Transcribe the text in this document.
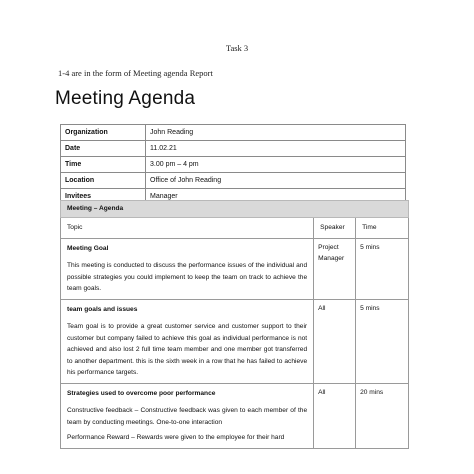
Task 3
1-4 are in the form of Meeting agenda Report
Meeting Agenda
Organization	John Reading
Date	11.02.21
Time	3.00 pm – 4 pm
Location	Office of John Reading
Invitees	Manager
Meeting – Agenda		
Topic	Speaker	Time

Meeting Goal
This meeting is conducted to discuss the performance issues of the individual and possible strategies you could implement to keep the team on track to achieve the team goals.	Project Manager	5 mins

team goals and issues
Team goal is to provide a great customer service and customer support to their customer but company failed to achieve this goal as individual performance is not achieved and also lost 2 full time team member and one member got transferred to another department. this is the sixth week in a row that he has failed to achieve his performance targets.	All	5 mins

Strategies used to overcome poor performance
Constructive feedback – Constructive feedback was given to each member of the team by conducting meetings. One-to-one interaction
Performance Reward – Rewards were given to the employee for their hard	All	20 mins
